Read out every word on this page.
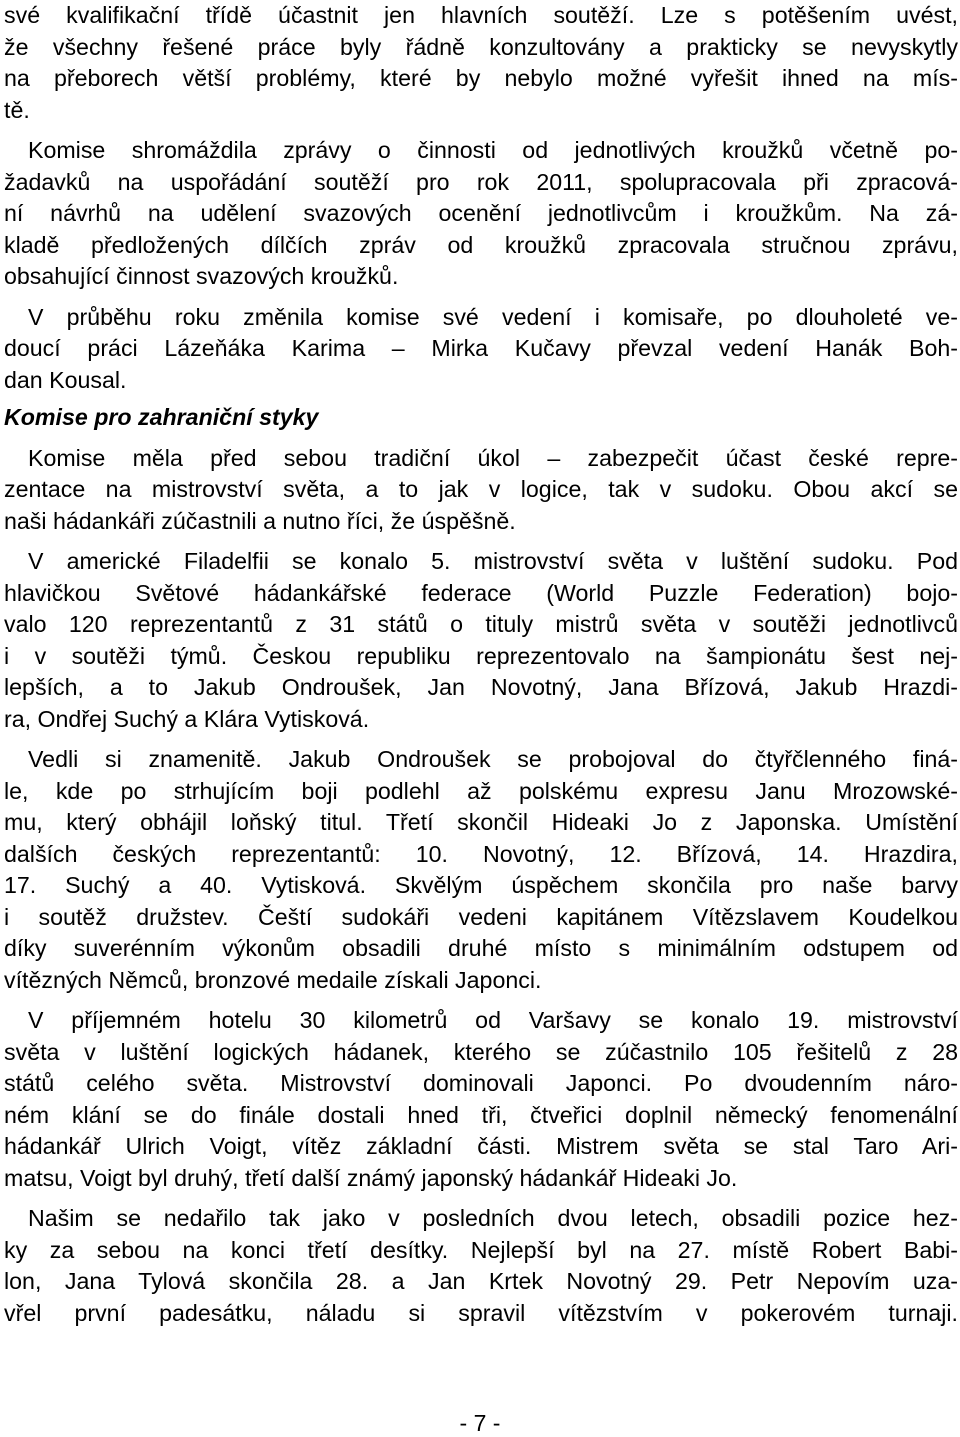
své kvalifikační třídě účastnit jen hlavních soutěží. Lze s potěšením uvést,
že všechny řešené práce byly řádně konzultovány a prakticky se nevyskytly
na přeborech větší problémy, které by nebylo možné vyřešit ihned na mís-
tě.
Komise shromáždila zprávy o činnosti od jednotlivých kroužků včetně po-
žadavků na uspořádání soutěží pro rok 2011, spolupracovala při zpracová-
ní návrhů na udělení svazových ocenění jednotlivcům i kroužkům. Na zá-
kladě předložených dílčích zpráv od kroužků zpracovala stručnou zprávu,
obsahující činnost svazových kroužků.
V průběhu roku změnila komise své vedení i komisaře, po dlouholeté ve-
doucí práci Lázeňáka Karima – Mirka Kučavy převzal vedení Hanák Boh-
dan Kousal.
Komise pro zahraniční styky
Komise měla před sebou tradiční úkol – zabezpečit účast české repre-
zentace na mistrovství světa, a to jak v logice, tak v sudoku. Obou akcí se
naši hádankáři zúčastnili a nutno říci, že úspěšně.
V americké Filadelfii se konalo 5. mistrovství světa v luštění sudoku. Pod
hlavičkou Světové hádankářské federace (World Puzzle Federation) bojo-
valo 120 reprezentantů z 31 států o tituly mistrů světa v soutěži jednotlivců
i v soutěži týmů. Českou republiku reprezentovalo na šampionátu šest nej-
lepších, a to Jakub Ondroušek, Jan Novotný, Jana Břízová, Jakub Hrazdi-
ra, Ondřej Suchý a Klára Vytisková.
Vedli si znamenitě. Jakub Ondroušek se probojoval do čtyřčlenného finá-
le, kde po strhujícím boji podlehl až polskému expresu Janu Mrozowské-
mu, který obhájil loňský titul. Třetí skončil Hideaki Jo z Japonska. Umístění
dalších českých reprezentantů: 10. Novotný, 12. Břízová, 14. Hrazdira,
17. Suchý a 40. Vytisková. Skvělým úspěchem skončila pro naše barvy
i soutěž družstev. Čeští sudokáři vedeni kapitánem Vítězslavem Koudelkou
díky suverénním výkonům obsadili druhé místo s minimálním odstupem od
vítězných Němců, bronzové medaile získali Japonci.
V příjemném hotelu 30 kilometrů od Varšavy se konalo 19. mistrovství
světa v luštění logických hádanek, kterého se zúčastnilo 105 řešitelů z 28
států celého světa. Mistrovství dominovali Japonci. Po dvoudenním náro-
ném klání se do finále dostali hned tři, čtveřici doplnil německý fenomenální
hádankář Ulrich Voigt, vítěz základní části. Mistrem světa se stal Taro Ari-
matsu, Voigt byl druhý, třetí další známý japonský hádankář Hideaki Jo.
Našim se nedařilo tak jako v posledních dvou letech, obsadili pozice hez-
ky za sebou na konci třetí desítky. Nejlepší byl na 27. místě Robert Babi-
lon, Jana Tylová skončila 28. a Jan Krtek Novotný 29. Petr Nepovím uza-
vřel první padesátku, náladu si spravil vítězstvím v pokerovém turnaji.
- 7 -
